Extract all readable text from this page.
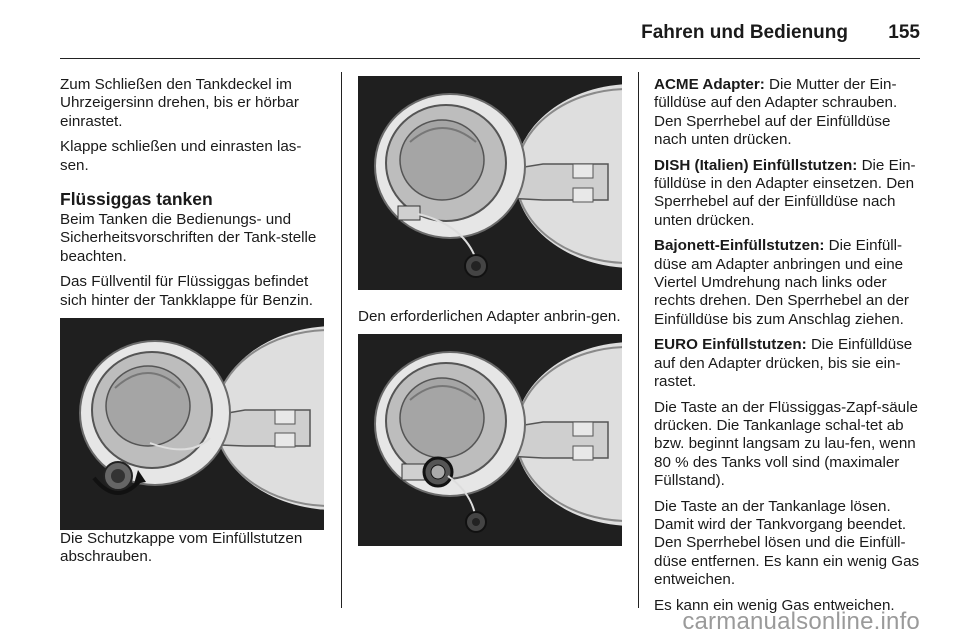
Fahren und Bedienung 155

Zum Schließen den Tankdeckel im Uhrzeigersinn drehen, bis er hörbar einrastet.

Klappe schließen und einrasten las-sen.

Flüssiggas tanken

Beim Tanken die Bedienungs- und Sicherheitsvorschriften der Tank-stelle beachten.

Das Füllventil für Flüssiggas befindet sich hinter der Tankklappe für Benzin.

Die Schutzkappe vom Einfüllstutzen abschrauben.

Den erforderlichen Adapter anbrin-gen.

ACME Adapter: Die Mutter der Ein-fülldüse auf den Adapter schrauben. Den Sperrhebel auf der Einfülldüse nach unten drücken.

DISH (Italien) Einfüllstutzen: Die Ein-fülldüse in den Adapter einsetzen. Den Sperrhebel auf der Einfülldüse nach unten drücken.

Bajonett-Einfüllstutzen: Die Einfüll-düse am Adapter anbringen und eine Viertel Umdrehung nach links oder rechts drehen. Den Sperrhebel an der Einfülldüse bis zum Anschlag ziehen.

EURO Einfüllstutzen: Die Einfülldüse auf den Adapter drücken, bis sie ein-rastet.

Die Taste an der Flüssiggas-Zapf-säule drücken. Die Tankanlage schal-tet ab bzw. beginnt langsam zu lau-fen, wenn 80 % des Tanks voll sind (maximaler Füllstand).

Die Taste an der Tankanlage lösen. Damit wird der Tankvorgang beendet. Den Sperrhebel lösen und die Einfüll-düse entfernen. Es kann ein wenig Gas entweichen.

Es kann ein wenig Gas entweichen.

carmanualsonline.info
